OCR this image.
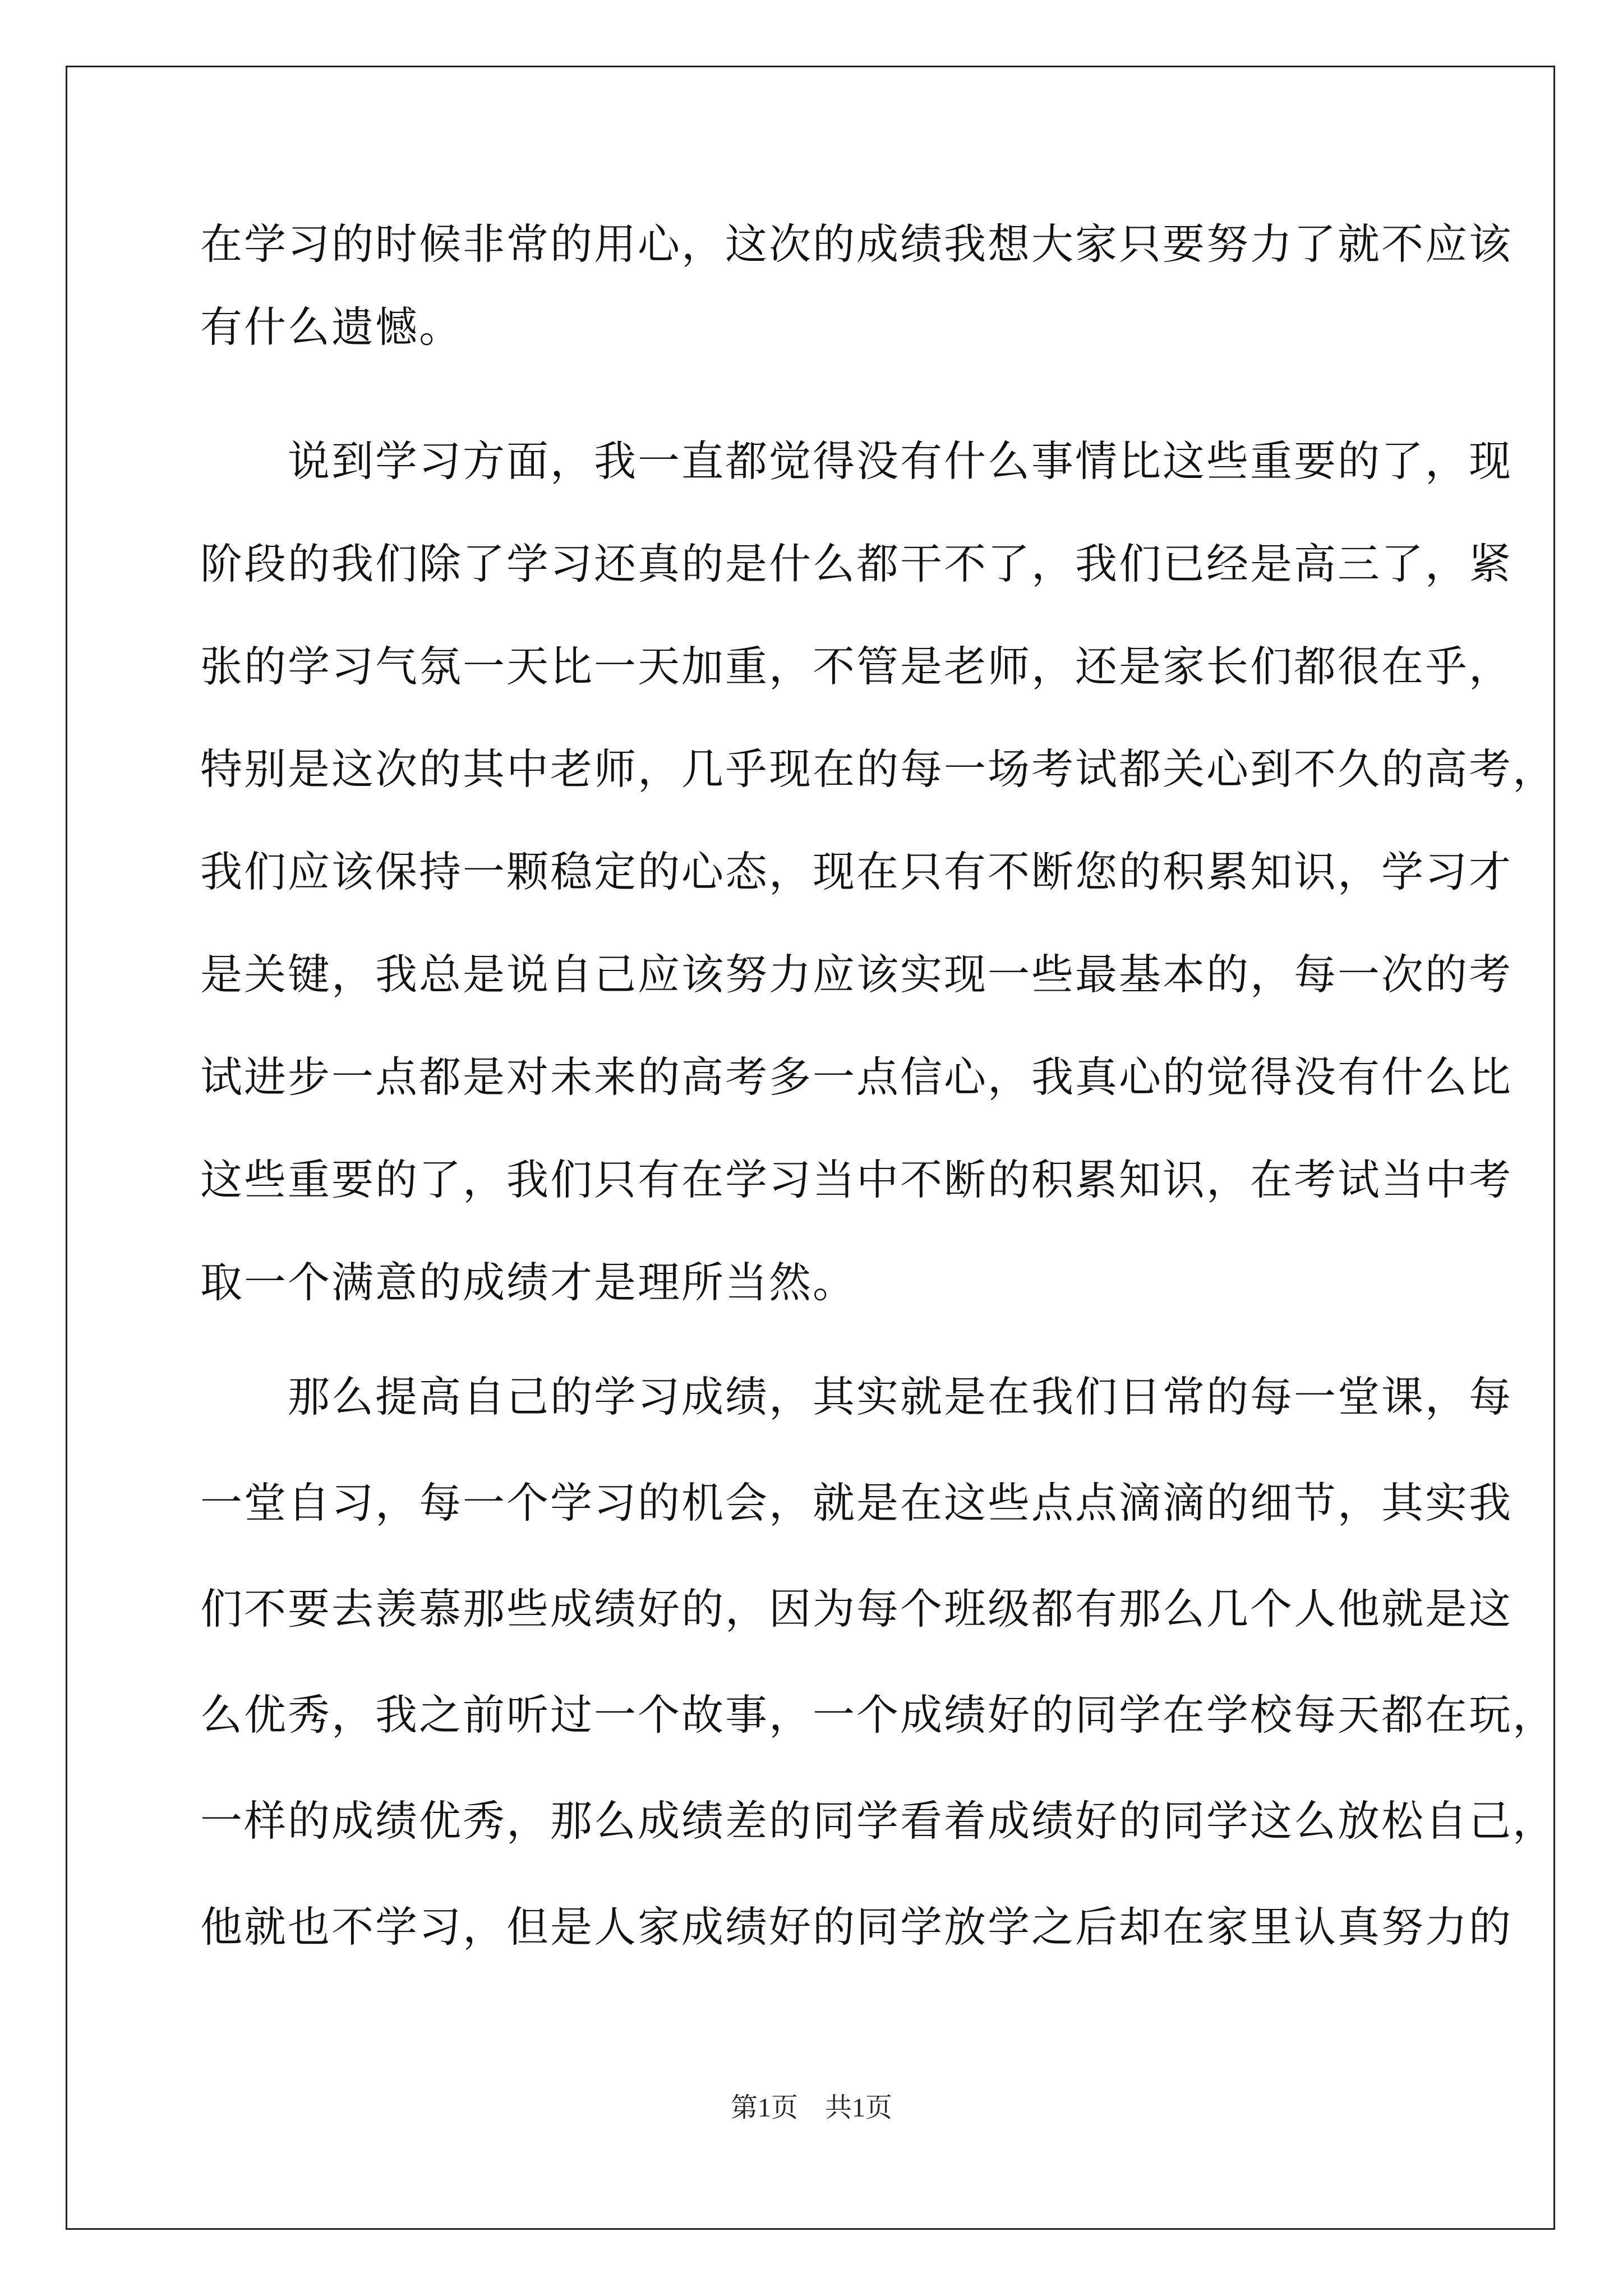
在学习的时候非常的用心，这次的成绩我想大家只要努力了就不应该
有什么遗憾。
　　说到学习方面，我一直都觉得没有什么事情比这些重要的了，现
阶段的我们除了学习还真的是什么都干不了，我们已经是高三了，紧
张的学习气氛一天比一天加重，不管是老师，还是家长们都很在乎，
特别是这次的其中老师，几乎现在的每一场考试都关心到不久的高考，
我们应该保持一颗稳定的心态，现在只有不断您的积累知识，学习才
是关键，我总是说自己应该努力应该实现一些最基本的，每一次的考
试进步一点都是对未来的高考多一点信心，我真心的觉得没有什么比
这些重要的了，我们只有在学习当中不断的积累知识，在考试当中考
取一个满意的成绩才是理所当然。
　　那么提高自己的学习成绩，其实就是在我们日常的每一堂课，每
一堂自习，每一个学习的机会，就是在这些点点滴滴的细节，其实我
们不要去羡慕那些成绩好的，因为每个班级都有那么几个人他就是这
么优秀，我之前听过一个故事，一个成绩好的同学在学校每天都在玩，
一样的成绩优秀，那么成绩差的同学看着成绩好的同学这么放松自己，
他就也不学习，但是人家成绩好的同学放学之后却在家里认真努力的
第1页　共1页
